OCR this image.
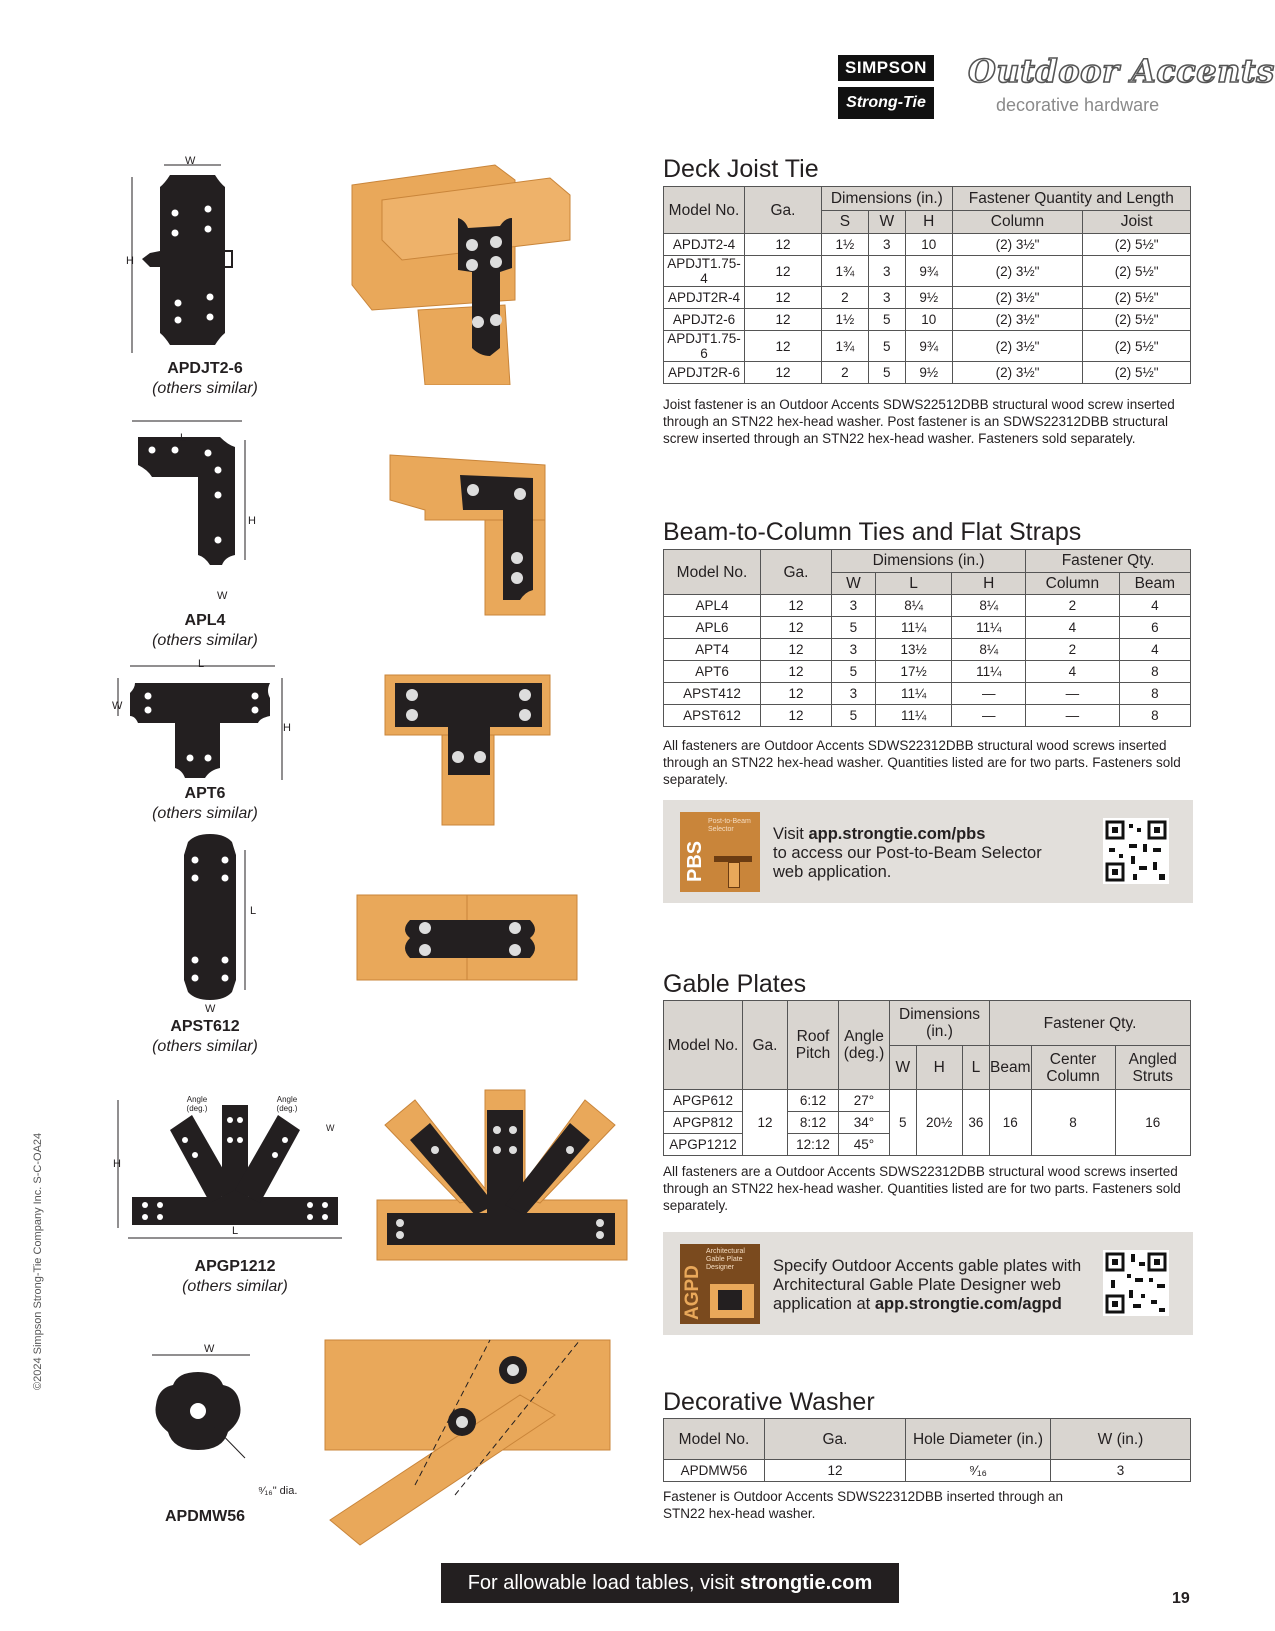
SIMPSON
Strong-Tie
Outdoor Accents
decorative hardware
W
H
APDJT2-6
(others similar)
L
H
W
APL4
(others similar)
L
W
H
APT6
(others similar)
L
W
APST612
(others similar)
H
L
W
Angle (deg.)
Angle (deg.)
APGP1212
(others similar)
W
⁹⁄₁₆" dia.
APDMW56
Deck Joist Tie
Model No.	Ga.	Dimensions (in.)			Fastener Quantity and Length	
		S	W	H	Column	Joist
APDJT2-4	12	1½	3	10	(2) 3½"	(2) 5½"
APDJT1.75-4	12	1¾	3	9¾	(2) 3½"	(2) 5½"
APDJT2R-4	12	2	3	9½	(2) 3½"	(2) 5½"
APDJT2-6	12	1½	5	10	(2) 3½"	(2) 5½"
APDJT1.75-6	12	1¾	5	9¾	(2) 3½"	(2) 5½"
APDJT2R-6	12	2	5	9½	(2) 3½"	(2) 5½"
Joist fastener is an Outdoor Accents SDWS22512DBB structural wood screw inserted through an STN22 hex-head washer. Post fastener is an SDWS22312DBB structural screw inserted through an STN22 hex-head washer. Fasteners sold separately.
Beam-to-Column Ties and Flat Straps
Model No.	Ga.	Dimensions (in.)			Fastener Qty.	
		W	L	H	Column	Beam
APL4	12	3	8¼	8¼	2	4
APL6	12	5	11¼	11¼	4	6
APT4	12	3	13½	8¼	2	4
APT6	12	5	17½	11¼	4	8
APST412	12	3	11¼	—	—	8
APST612	12	5	11¼	—	—	8
All fasteners are Outdoor Accents SDWS22312DBB structural wood screws inserted through an STN22 hex-head washer. Quantities listed are for two parts. Fasteners sold separately.
PBS
Post-to-Beam Selector	Visit app.strongtie.com/pbs
to access our Post-to-Beam Selector
web application.
Gable Plates
Model No.	Ga.	Roof Pitch	Angle (deg.)	Dimensions (in.)			Fastener Qty.		
				W	H	L	Beam	Center Column	Angled Struts
APGP612	12	6:12	27°	5	20½	36	16	8	16
APGP812		8:12	34°						
APGP1212		12:12	45°						
All fasteners are a Outdoor Accents SDWS22312DBB structural wood screws inserted through an STN22 hex-head washer. Quantities listed are for two parts. Fasteners sold separately.
AGPD
Architectural Gable Plate Designer	Specify Outdoor Accents gable plates with
Architectural Gable Plate Designer web
application at app.strongtie.com/agpd
Decorative Washer
Model No.	Ga.	Hole Diameter (in.)	W (in.)
APDMW56	12	⁹⁄₁₆	3
Fastener is Outdoor Accents SDWS22312DBB inserted through an STN22 hex-head washer.
For allowable load tables, visit strongtie.com
19
©2024 Simpson Strong-Tie Company Inc. S-C-OA24
